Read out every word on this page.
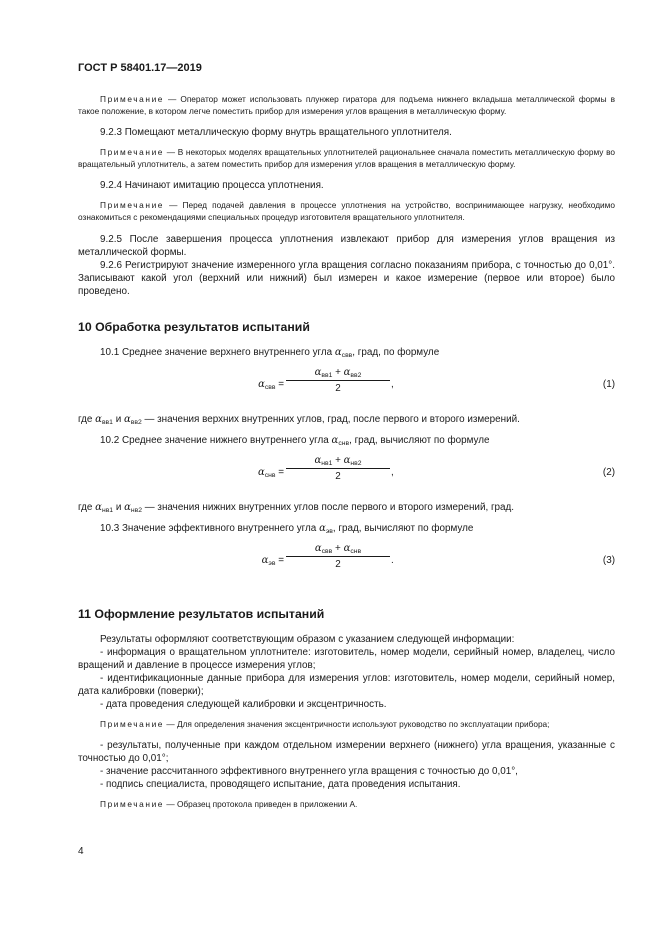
ГОСТ Р 58401.17—2019

Примечание — Оператор может использовать плунжер гиратора для подъема нижнего вкладыша металлической формы в такое положение, в котором легче поместить прибор для измерения углов вращения в металлическую форму.

9.2.3 Помещают металлическую форму внутрь вращательного уплотнителя.

Примечание — В некоторых моделях вращательных уплотнителей рациональнее сначала поместить металлическую форму во вращательный уплотнитель, а затем поместить прибор для измерения углов вращения в металлическую форму.

9.2.4 Начинают имитацию процесса уплотнения.

Примечание — Перед подачей давления в процессе уплотнения на устройство, воспринимающее нагрузку, необходимо ознакомиться с рекомендациями специальных процедур изготовителя вращательного уплотнителя.

9.2.5 После завершения процесса уплотнения извлекают прибор для измерения углов вращения из металлической формы.

9.2.6 Регистрируют значение измеренного угла вращения согласно показаниям прибора, с точностью до 0,01°. Записывают какой угол (верхний или нижний) был измерен и какое измерение (первое или второе) было проведено.

10 Обработка результатов испытаний

10.1 Среднее значение верхнего внутреннего угла $\alpha_{свв}$, град, по формуле

$\alpha_{свв}$ =
$\alpha_{вв1} + \alpha_{вв2}$
2	,	(1)

где $\alpha_{вв1}$ и $\alpha_{вв2}$ — значения верхних внутренних углов, град, после первого и второго измерений.

10.2 Среднее значение нижнего внутреннего угла $\alpha_{снв}$, град, вычисляют по формуле

$\alpha_{снв}$ =
$\alpha_{нв1} + \alpha_{нв2}$
2	,	(2)

где $\alpha_{нв1}$ и $\alpha_{нв2}$ — значения нижних внутренних углов после первого и второго измерений, град.

10.3 Значение эффективного внутреннего угла $\alpha_{эв}$, град, вычисляют по формуле

$\alpha_{эв}$ =
$\alpha_{свв} + \alpha_{снв}$
2	.	(3)
11 Оформление результатов испытаний

Результаты оформляют соответствующим образом с указанием следующей информации:

- информация о вращательном уплотнителе: изготовитель, номер модели, серийный номер, владелец, число вращений и давление в процессе измерения углов;

- идентификационные данные прибора для измерения углов: изготовитель, номер модели, серийный номер, дата калибровки (поверки);

- дата проведения следующей калибровки и эксцентричность.

Примечание — Для определения значения эксцентричности используют руководство по эксплуатации прибора;

- результаты, полученные при каждом отдельном измерении верхнего (нижнего) угла вращения, указанные с точностью до 0,01°;

- значение рассчитанного эффективного внутреннего угла вращения с точностью до 0,01°,

- подпись специалиста, проводящего испытание, дата проведения испытания.

Примечание — Образец протокола приведен в приложении А.

4
